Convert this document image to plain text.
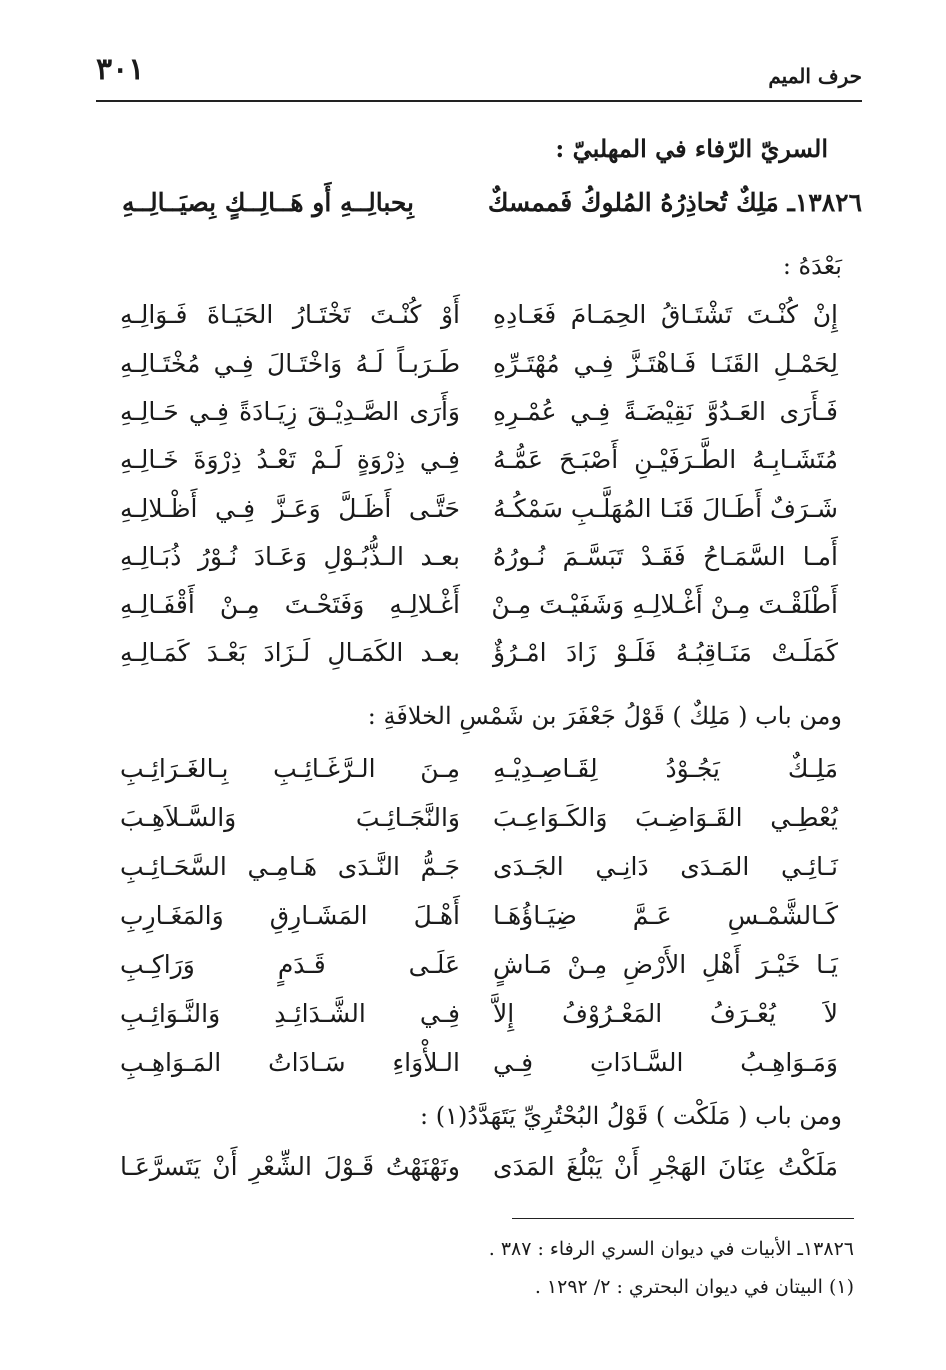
حرف الميم
٣٠١
السريّ الرّفاء في المهلبيّ :
١٣٨٢٦ـ مَلِكٌ تُحاذِرُهُ المُلوكُ فَممسكٌ
بِحبالِــهِ أَو هَــالِــكٍ بِصيَــالِــهِ
بَعْدَهُ :
إِنْ كُنْـتَ تَشْتَـاقُ الحِمَـامَ فَعَـادِهِ
أَوْ كُنْـتَ تَخْتَـارُ الحَيَـاةَ فَـوَالِـهِ
لِحَمْـلِ القَنَـا فَـاهْتَـزَّ فِـي مُهْتَـرِّهِ
طَـرَبـاً لَـهُ وَاخْتَـالَ فِـي مُخْتَـالِـهِ
فَـأَرَى العَـدُوَّ نَقِيْضَـةً فِـي عُمْـرِهِ
وَأَرَى الصَّـدِيْـقَ زِيَـادَةً فِـي حَـالِـهِ
مُتَشَـابِـهُ الطَّـرَفَيْـنِ أَصْبَـحَ عَمُّـهُ
فِـي ذِرْوَةٍ لَـمْ تَعْـدُ ذِرْوَةَ خَـالِـهِ
شَـرَفٌ أَطَـالَ قَنَـا المُهَلَّـبِ سَمْكُـهُ
حَتَّـى أَظَـلَّ وَعَـزَّ فِـي أَظْـلالِـهِ
أَمـا السَّمَـاحُ فَقَـدْ تَبَسَّـمَ نُـورُهُ
بعـد الـذُّبُـوْلِ وَعَـادَ نُـوْرُ ذُبَـالِـهِ
أَطْلَقْـتَ مِـنْ أَغْـلالِـهِ وَشَفَيْـتَ مِـنْ
أَغْـلالِـهِ وَفَتَحْـتَ مِـنْ أَقْفَـالِـهِ
كَمَلَـتْ مَنَـاقِبُـهُ فَلَـوْ زَادَ امْـرُؤٌ
بعـد الكَمَـالِ لَـزَادَ بَعْـدَ كَمَـالِـهِ
ومن باب ( مَلِكٌ ) قَوْلُ جَعْفَرَ بن شَمْسِ الخلافَةِ :
مَلِـكٌ يَجُـوْدُ لِقَـاصِـدِيْـهِ
مِـنَ الـرَّغَـائِـبِ بِـالغَـرَائِـبِ
يُعْطِـي القَـوَاضِـبَ وَالكَـوَاعِـبَ
وَالنَّجَـائِـبَ وَالسَّـلاَهِـبَ
نَـائِـي المَـدَى دَانِـي الجَـدَى
جَـمُّ النَّـدَى هَـامِـي السَّحَـائِـبِ
كَـالشَّمْـسِ عَـمَّ ضِيَـاؤُهَـا
أَهْـلَ المَشَـارِقِ وَالمَغَـارِبِ
يَـا خَيْـرَ أَهْلِ الأَرْضِ مِـنْ مَـاشٍ
عَلَـى قَـدَمٍ وَرَاكِـبِ
لاَ يُعْـرَفُ المَعْـرُوْفُ إِلاَّ
فِـي الشَّـدَائِـدِ وَالنَّـوَائِـبِ
وَمَـوَاهِـبُ السَّـادَاتِ فِـي
الـلأْوَاءِ سَـادَاتُ المَـوَاهِـبِ
ومن باب ( مَلَكْت ) قَوْلُ البُحْتُرِيِّ يَتَهَدَّدُ(١) :
مَلَكْتُ عِنَانَ الهَجْرِ أَنْ يَبْلُغَ المَدَى
ونَهْنَهْتُ قَـوْلَ الشِّعْرِ أَنْ يَتَسرَّعَـا
١٣٨٢٦ـ الأبيات في ديوان السري الرفاء : ٣٨٧ .
(١) البيتان في ديوان البحتري : ٢/ ١٢٩٢ .
